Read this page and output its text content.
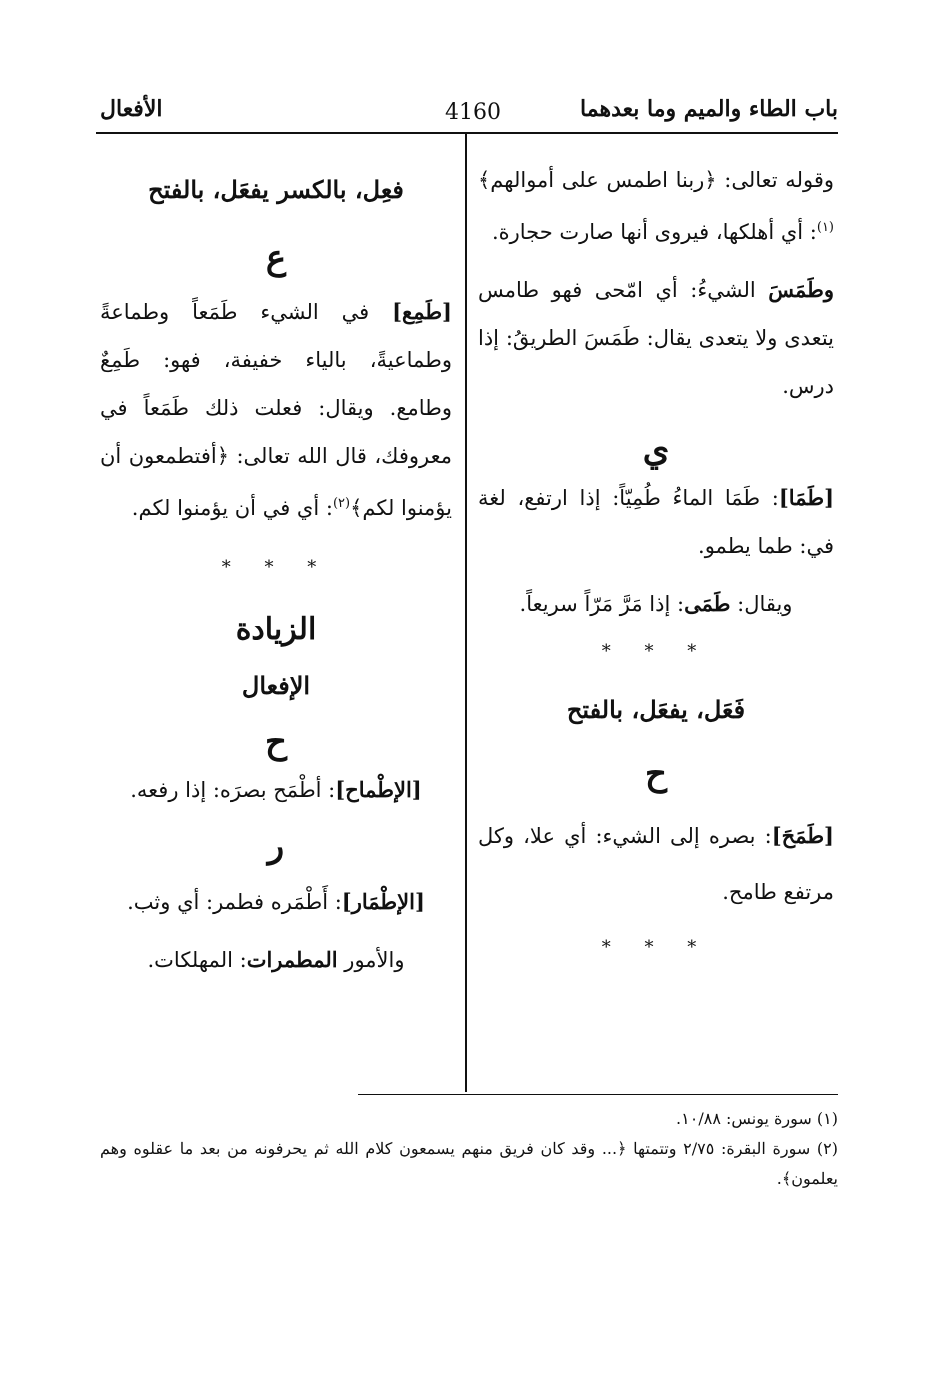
باب الطاء والميم وما بعدهما
4160
الأفعال

وقوله تعالى: ﴿ربنا اطمس على أموالهم﴾$^{(١)}$: أي أهلكها، فيروى أنها صارت حجارة.

وطَمَسَ الشيءُ: أي امّحى فهو طامس يتعدى ولا يتعدى يقال: طَمَسَ الطريقُ: إذا درس.

ي

[طَمَا]: طَمَا الماءُ طُمِيّاً: إذا ارتفع، لغة في: طما يطمو.

ويقال: طَمَى: إذا مَرَّ مَرّاً سريعاً.

* * *

فَعَل، يفعَل، بالفتح

ح

[طَمَحَ]: بصره إلى الشيء: أي علا، وكل مرتفع طامح.

* * *

فعِل، بالكسر يفعَل، بالفتح

ع

[طَمِع] في الشيء طَمَعاً وطماعةً وطماعيةً، بالياء خفيفة، فهو: طَمِعٌ وطامع. ويقال: فعلت ذلك طَمَعاً في معروفك، قال الله تعالى: ﴿أفتطمعون أن يؤمنوا لكم﴾$^{(٢)}$: أي في أن يؤمنوا لكم.

* * *

الزيادة

الإفعال

ح

[الإطْماح]: أطْمَح بصرَه: إذا رفعه.

ر

[الإطْمَار]: أَطْمَره فطمر: أي وثب.

والأمور المطمرات: المهلكات.

(١) سورة يونس: ١٠/٨٨.

(٢) سورة البقرة: ٢/٧٥ وتتمتها ﴿... وقد كان فريق منهم يسمعون كلام الله ثم يحرفونه من بعد ما عقلوه وهم يعلمون﴾.
